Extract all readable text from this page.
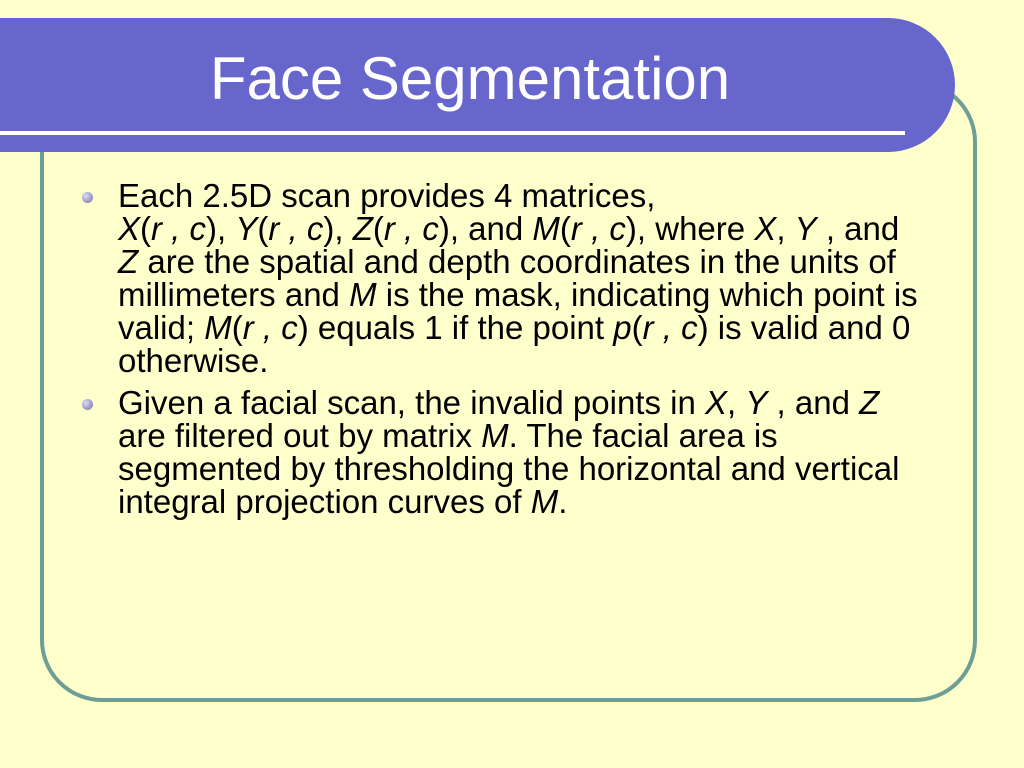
Face Segmentation
Each 2.5D scan provides 4 matrices,
X(r , c), Y(r , c), Z(r , c), and M(r , c), where X, Y , and
Z are the spatial and depth coordinates in the units of
millimeters and M is the mask, indicating which point is
valid; M(r , c) equals 1 if the point p(r , c) is valid and 0
otherwise.
Given a facial scan, the invalid points in X, Y , and Z
are filtered out by matrix M. The facial area is
segmented by thresholding the horizontal and vertical
integral projection curves of M.
